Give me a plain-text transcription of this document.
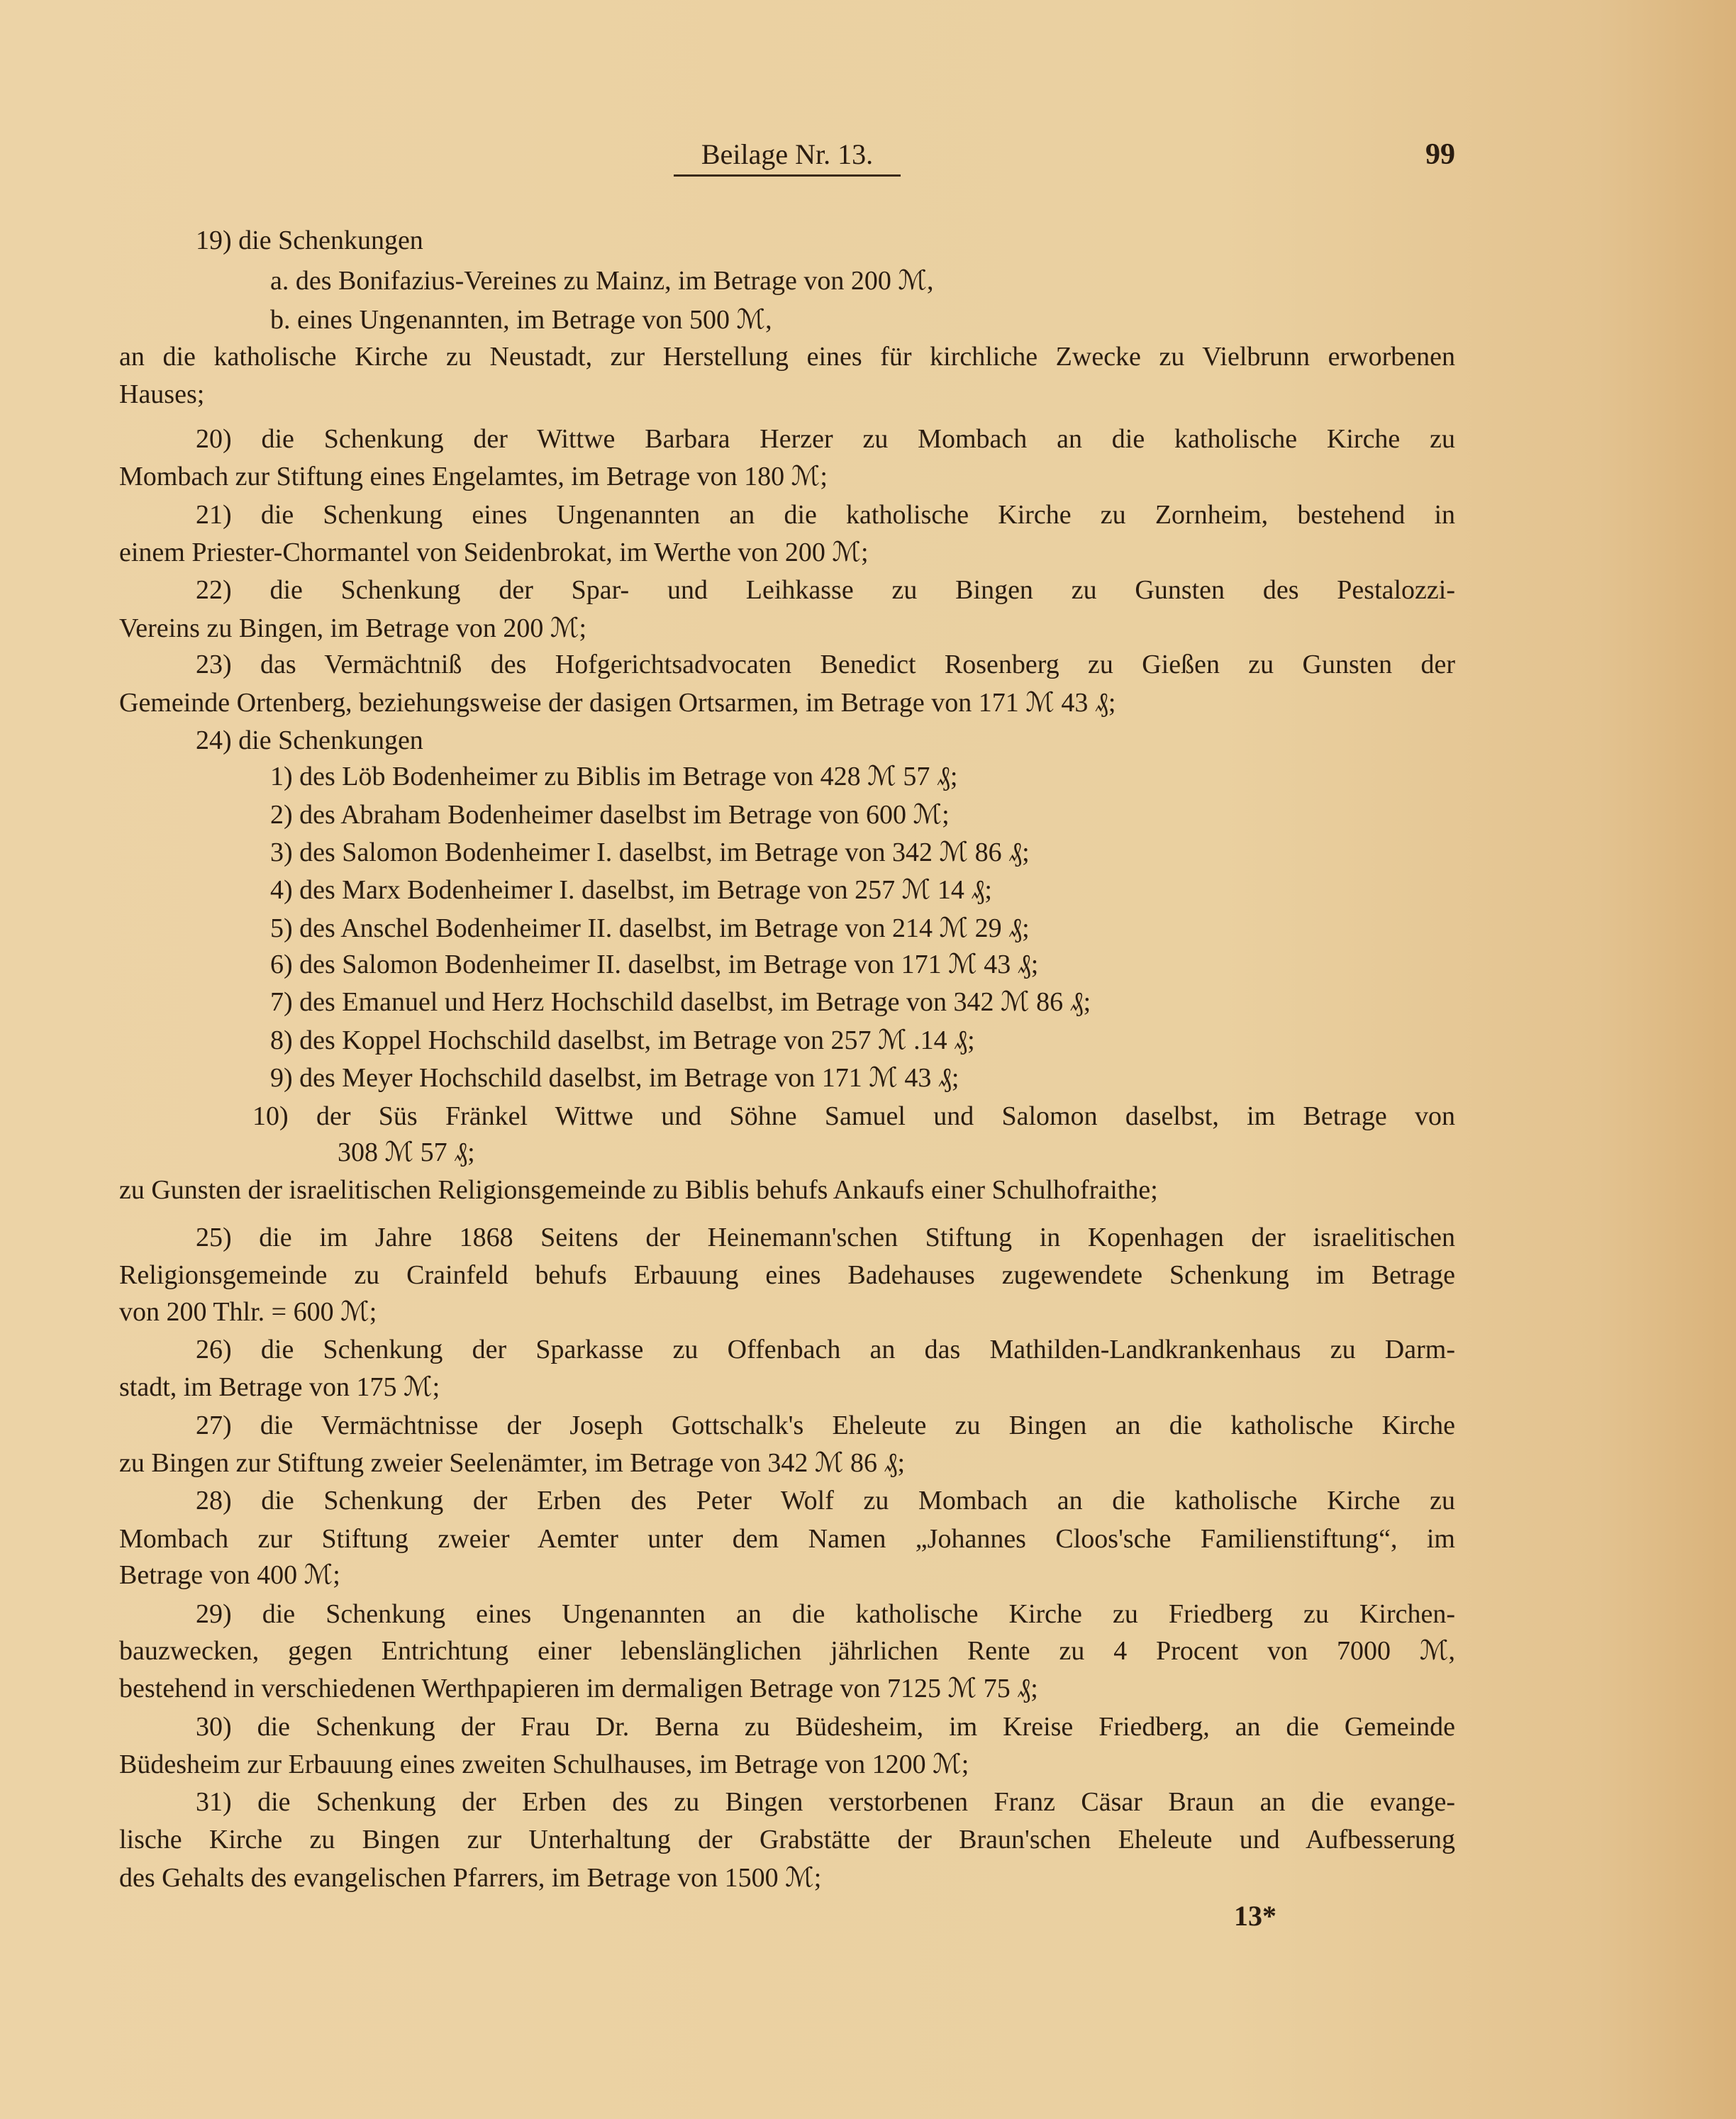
Beilage Nr. 13.	99
19) die Schenkungen
a. des Bonifazius-Vereines zu Mainz, im Betrage von 200 ℳ,
b. eines Ungenannten, im Betrage von 500 ℳ,
an die katholische Kirche zu Neustadt, zur Herstellung eines für kirchliche Zwecke zu Vielbrunn erworbenen
Hauses;
20) die Schenkung der Wittwe Barbara Herzer zu Mombach an die katholische Kirche zu
Mombach zur Stiftung eines Engelamtes, im Betrage von 180 ℳ;
21) die Schenkung eines Ungenannten an die katholische Kirche zu Zornheim, bestehend in
einem Priester-Chormantel von Seidenbrokat, im Werthe von 200 ℳ;
22) die Schenkung der Spar- und Leihkasse zu Bingen zu Gunsten des Pestalozzi-
Vereins zu Bingen, im Betrage von 200 ℳ;
23) das Vermächtniß des Hofgerichtsadvocaten Benedict Rosenberg zu Gießen zu Gunsten der
Gemeinde Ortenberg, beziehungsweise der dasigen Ortsarmen, im Betrage von 171 ℳ 43 ₰;
24) die Schenkungen
1) des Löb Bodenheimer zu Biblis im Betrage von 428 ℳ 57 ₰;
2) des Abraham Bodenheimer daselbst im Betrage von 600 ℳ;
3) des Salomon Bodenheimer I. daselbst, im Betrage von 342 ℳ 86 ₰;
4) des Marx Bodenheimer I. daselbst, im Betrage von 257 ℳ 14 ₰;
5) des Anschel Bodenheimer II. daselbst, im Betrage von 214 ℳ 29 ₰;
6) des Salomon Bodenheimer II. daselbst, im Betrage von 171 ℳ 43 ₰;
7) des Emanuel und Herz Hochschild daselbst, im Betrage von 342 ℳ 86 ₰;
8) des Koppel Hochschild daselbst, im Betrage von 257 ℳ .14 ₰;
9) des Meyer Hochschild daselbst, im Betrage von 171 ℳ 43 ₰;
10) der Süs Fränkel Wittwe und Söhne Samuel und Salomon daselbst, im Betrage von
308 ℳ 57 ₰;
zu Gunsten der israelitischen Religionsgemeinde zu Biblis behufs Ankaufs einer Schulhofraithe;
25) die im Jahre 1868 Seitens der Heinemann'schen Stiftung in Kopenhagen der israelitischen
Religionsgemeinde zu Crainfeld behufs Erbauung eines Badehauses zugewendete Schenkung im Betrage
von 200 Thlr. = 600 ℳ;
26) die Schenkung der Sparkasse zu Offenbach an das Mathilden-Landkrankenhaus zu Darm-
stadt, im Betrage von 175 ℳ;
27) die Vermächtnisse der Joseph Gottschalk's Eheleute zu Bingen an die katholische Kirche
zu Bingen zur Stiftung zweier Seelenämter, im Betrage von 342 ℳ 86 ₰;
28) die Schenkung der Erben des Peter Wolf zu Mombach an die katholische Kirche zu
Mombach zur Stiftung zweier Aemter unter dem Namen „Johannes Cloos'sche Familienstiftung“, im
Betrage von 400 ℳ;
29) die Schenkung eines Ungenannten an die katholische Kirche zu Friedberg zu Kirchen-
bauzwecken, gegen Entrichtung einer lebenslänglichen jährlichen Rente zu 4 Procent von 7000 ℳ,
bestehend in verschiedenen Werthpapieren im dermaligen Betrage von 7125 ℳ 75 ₰;
30) die Schenkung der Frau Dr. Berna zu Büdesheim, im Kreise Friedberg, an die Gemeinde
Büdesheim zur Erbauung eines zweiten Schulhauses, im Betrage von 1200 ℳ;
31) die Schenkung der Erben des zu Bingen verstorbenen Franz Cäsar Braun an die evange-
lische Kirche zu Bingen zur Unterhaltung der Grabstätte der Braun'schen Eheleute und Aufbesserung
des Gehalts des evangelischen Pfarrers, im Betrage von 1500 ℳ;
13*
